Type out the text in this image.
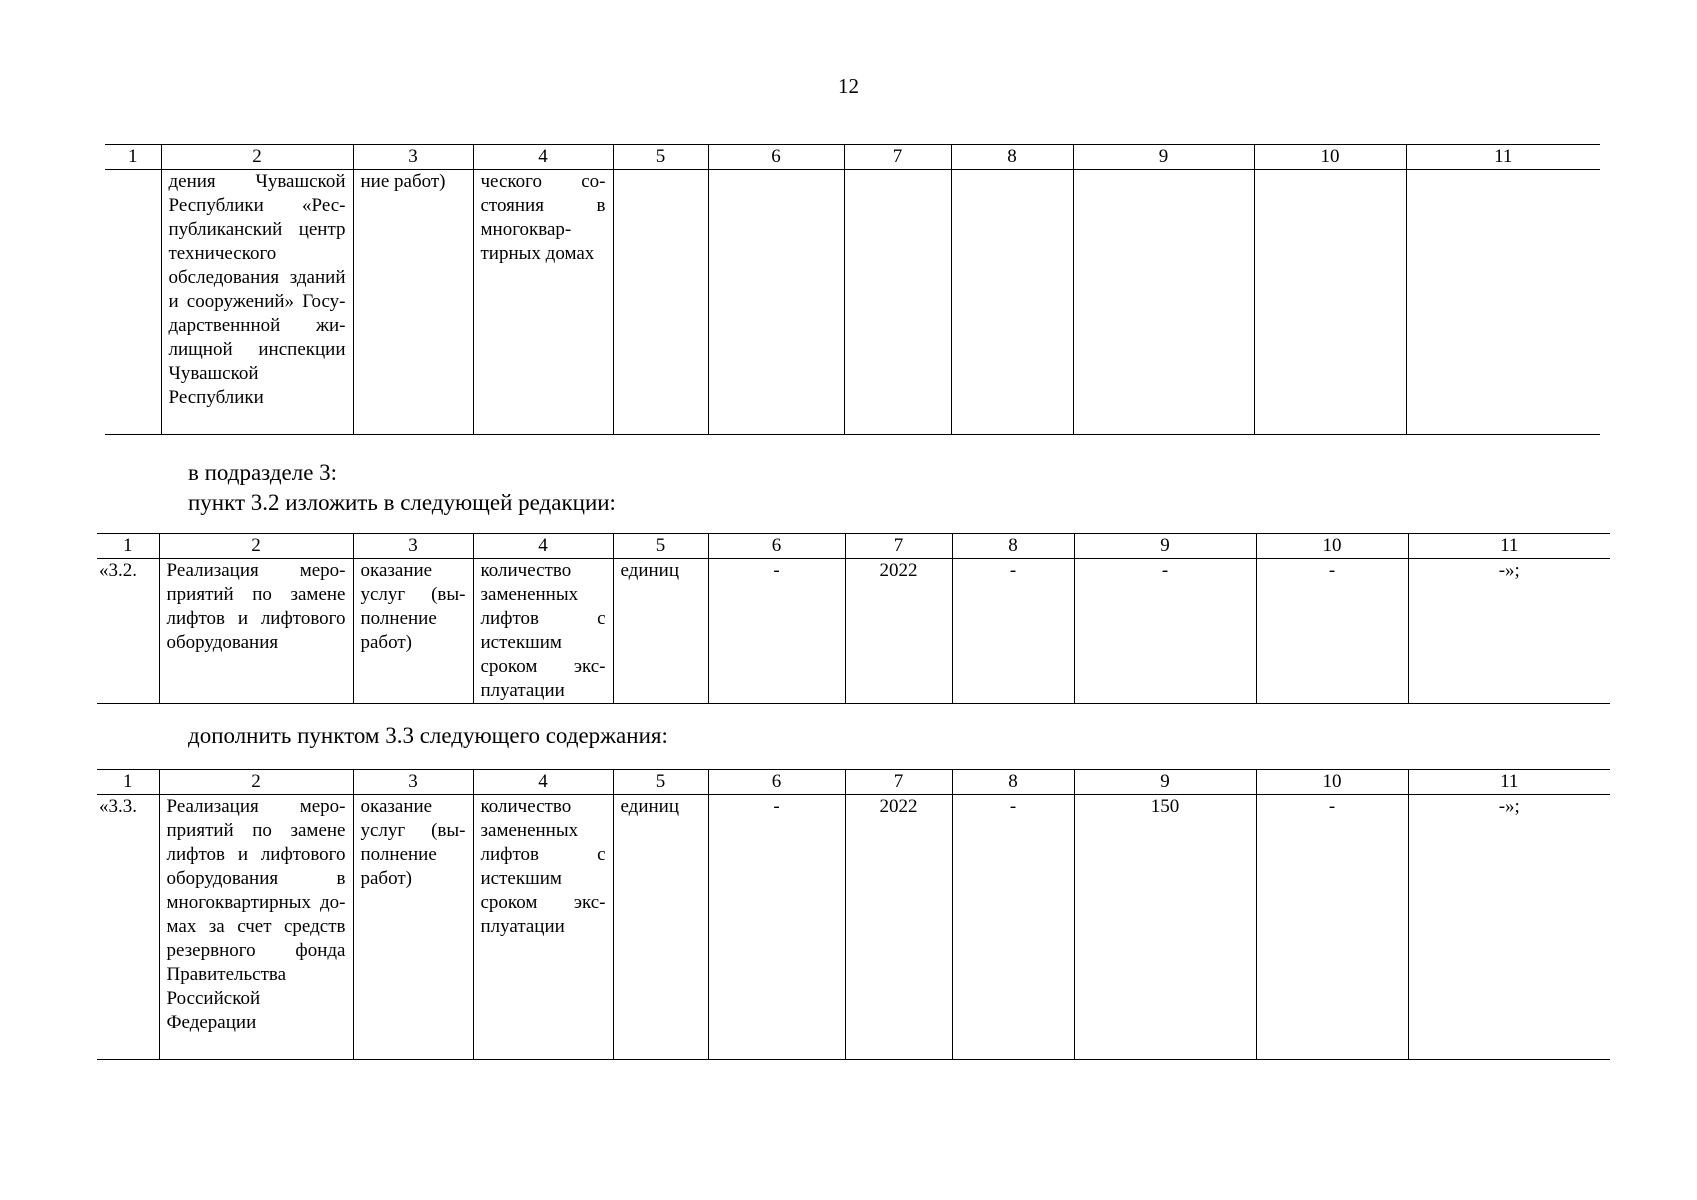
12
1	2	3	4	5	6	7	8	9	10	11
	дения Чувашской Республики «Республиканский центр технического обследования зданий и сооружений» Государственнной жилищной инспекции Чувашской Республики	ние работ)	ческого состояния в многоквартирных домах							
в подразделе 3:
пункт 3.2 изложить в следующей редакции:
1	2	3	4	5	6	7	8	9	10	11
«3.2.	Реализация мероприятий по замене лифтов и лифтового оборудования	оказание услуг (выполнение работ)	количество замененных лифтов с истекшим сроком эксплуатации	единиц	-	2022	-	-	-	-»;
дополнить пунктом 3.3 следующего содержания:
1	2	3	4	5	6	7	8	9	10	11
«3.3.	Реализация мероприятий по замене лифтов и лифтового оборудования в многоквартирных домах за счет средств резервного фонда Правительства Российской Федерации	оказание услуг (выполнение работ)	количество замененных лифтов с истекшим сроком эксплуатации	единиц	-	2022	-	150	-	-»;
